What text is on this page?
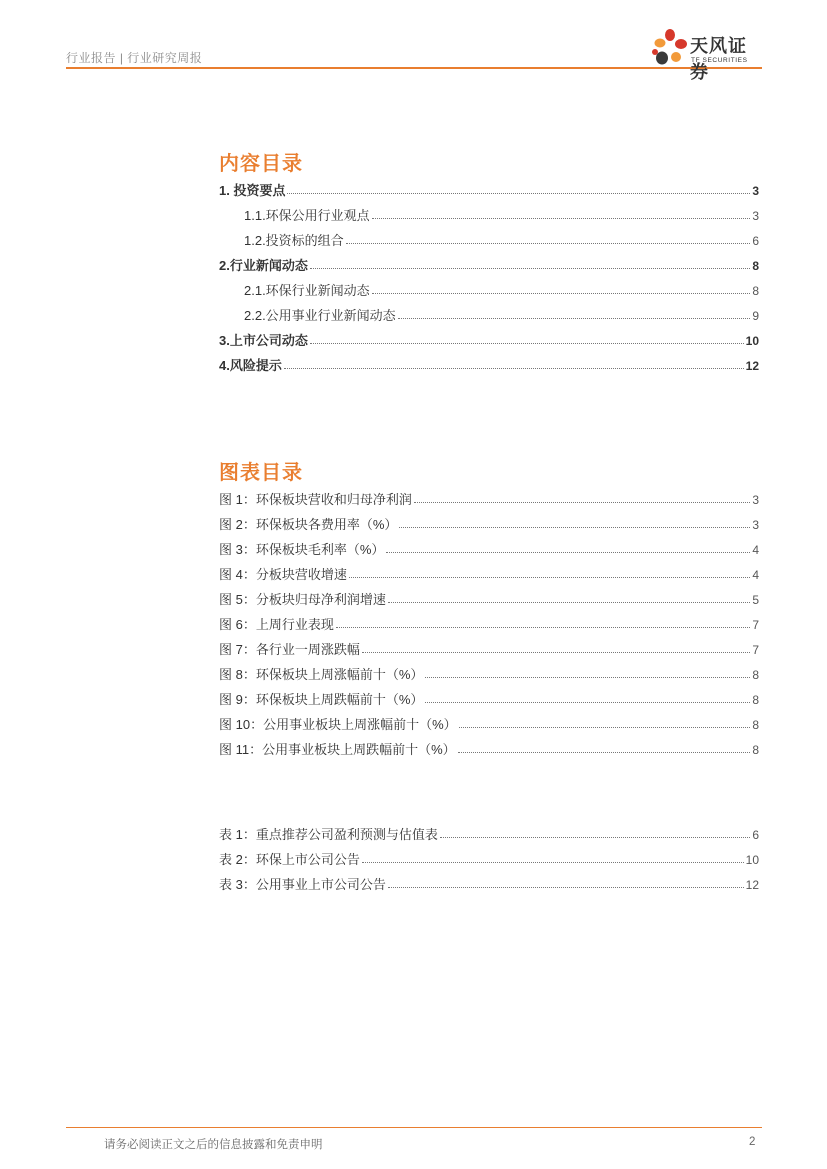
行业报告 | 行业研究周报
天风证券
TF SECURITIES
内容目录
1. 投资要点	3
1.1.环保公用行业观点	3
1.2.投资标的组合	6
2.行业新闻动态	8
2.1.环保行业新闻动态	8
2.2.公用事业行业新闻动态	9
3.上市公司动态	10
4.风险提示	12
图表目录
图 1：环保板块营收和归母净利润	3
图 2：环保板块各费用率（%）	3
图 3：环保板块毛利率（%）	4
图 4：分板块营收增速	4
图 5：分板块归母净利润增速	5
图 6：上周行业表现	7
图 7：各行业一周涨跌幅	7
图 8：环保板块上周涨幅前十（%）	8
图 9：环保板块上周跌幅前十（%）	8
图 10：公用事业板块上周涨幅前十（%）	8
图 11：公用事业板块上周跌幅前十（%）	8
表 1：重点推荐公司盈利预测与估值表	6
表 2：环保上市公司公告	10
表 3：公用事业上市公司公告	12
请务必阅读正文之后的信息披露和免责申明	2
